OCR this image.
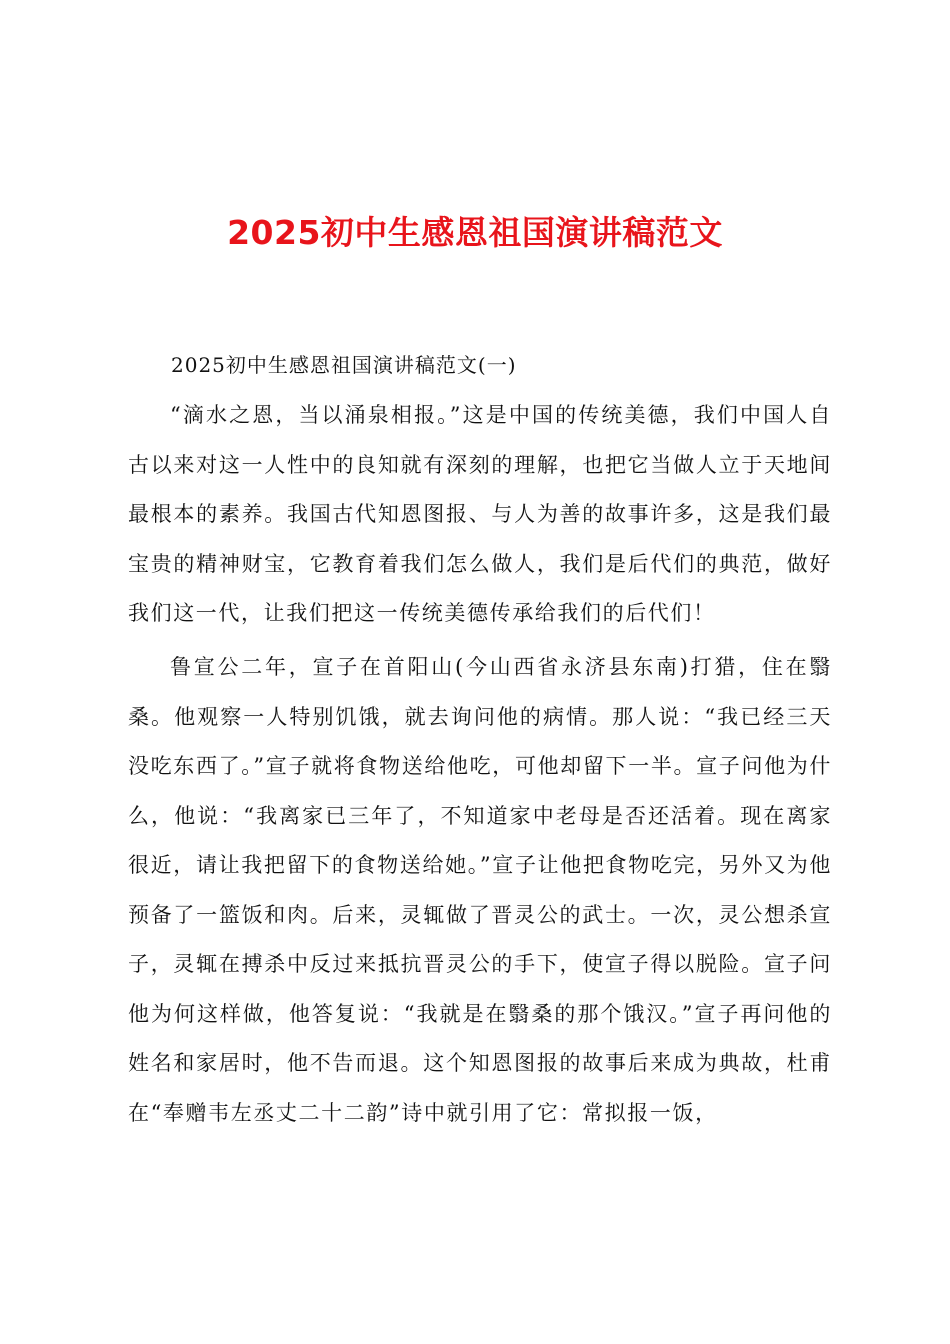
2025初中生感恩祖国演讲稿范文
2025初中生感恩祖国演讲稿范文(一)
“滴水之恩，当以涌泉相报。”这是中国的传统美德，我们中国人自古以来对这一人性中的良知就有深刻的理解，也把它当做人立于天地间最根本的素养。我国古代知恩图报、与人为善的故事许多，这是我们最宝贵的精神财宝，它教育着我们怎么做人，我们是后代们的典范，做好我们这一代，让我们把这一传统美德传承给我们的后代们！
鲁宣公二年，宣子在首阳山(今山西省永济县东南)打猎，住在翳桑。他观察一人特别饥饿，就去询问他的病情。那人说：“我已经三天没吃东西了。”宣子就将食物送给他吃，可他却留下一半。宣子问他为什么，他说：“我离家已三年了，不知道家中老母是否还活着。现在离家很近，请让我把留下的食物送给她。”宣子让他把食物吃完，另外又为他预备了一篮饭和肉。后来，灵辄做了晋灵公的武士。一次，灵公想杀宣子，灵辄在搏杀中反过来抵抗晋灵公的手下，使宣子得以脱险。宣子问他为何这样做，他答复说：“我就是在翳桑的那个饿汉。”宣子再问他的姓名和家居时，他不告而退。这个知恩图报的故事后来成为典故，杜甫在“奉赠韦左丞丈二十二韵”诗中就引用了它：常拟报一饭，
